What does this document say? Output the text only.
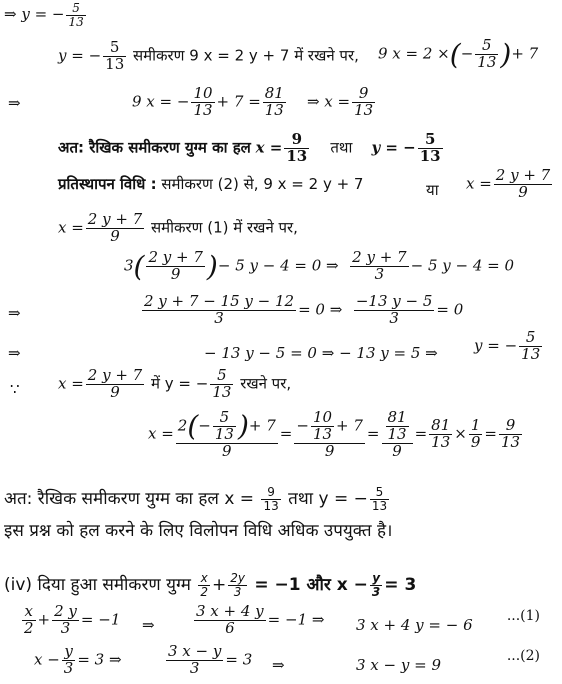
⇒ y = − $\frac{5}{13}$
y = − $\frac{5}{13}$ समीकरण 9 x = 2 y + 7 में रखने पर, 9 x = 2 ×(− $\frac{5}{13}$ )+ 7
⇒	9 x = − $\frac{10}{13} + 7 = \frac{81}{13}$ ⇒ $x = \frac{9}{13}$
अत: रैखिक समीकरण युग्म का हल $x = \frac{9}{13}$ तथा y = − $\frac{5}{13}$
प्रतिस्थापन विधि : समीकरण (2) से, 9 x = 2 y + 7	या $x = \frac{2 y + 7}{9}$
$x = \frac{2 y + 7}{9}$ समीकरण (1) में रखने पर,
$3( \frac{2 y + 7}{9}$ )− 5 y − 4 = 0 ⇒ $\frac{2 y + 7}{3} - 5$ y − 4 = 0
⇒	$\frac{2 y + 7 - 15 y - 12}{3} = 0$ ⇒ $\frac{-13 y - 5}{3} = 0$
⇒	− 13 y − 5 = 0 ⇒ − 13 y = 5 ⇒ y = − $\frac{5}{13}$
∵	$x = \frac{2 y + 7}{9}$ में y = − $\frac{5}{13}$ रखने पर,
$x = \frac{2(- \frac{5}{13} )+ 7}{9} = \frac{- \frac{10}{13} + 7}{9} = \frac{\frac{81}{13}}{9} = \frac{81}{13} \times \frac{1}{9} = \frac{9}{13}$
अत: रैखिक समीकरण युग्म का हल $x = \frac{9}{13}$ तथा y = − $\frac{5}{13}$
इस प्रश्न को हल करने के लिए विलोपन विधि अधिक उपयुक्त है।
(iv) दिया हुआ समीकरण युग्म $\frac{x}{2} + \frac{2y}{3} = -1$ और $x - \frac{y}{3} = 3$
$\frac{x}{2} + \frac{2 y}{3} = -1$ ⇒	$\frac{3 x + 4 y}{6} = -1$ ⇒ 3 x + 4 y = − 6 ...(1)
$x - \frac{y}{3} = 3$ ⇒	$\frac{3 x - y}{3} = 3$ ⇒	3 x − y = 9	...(2)
